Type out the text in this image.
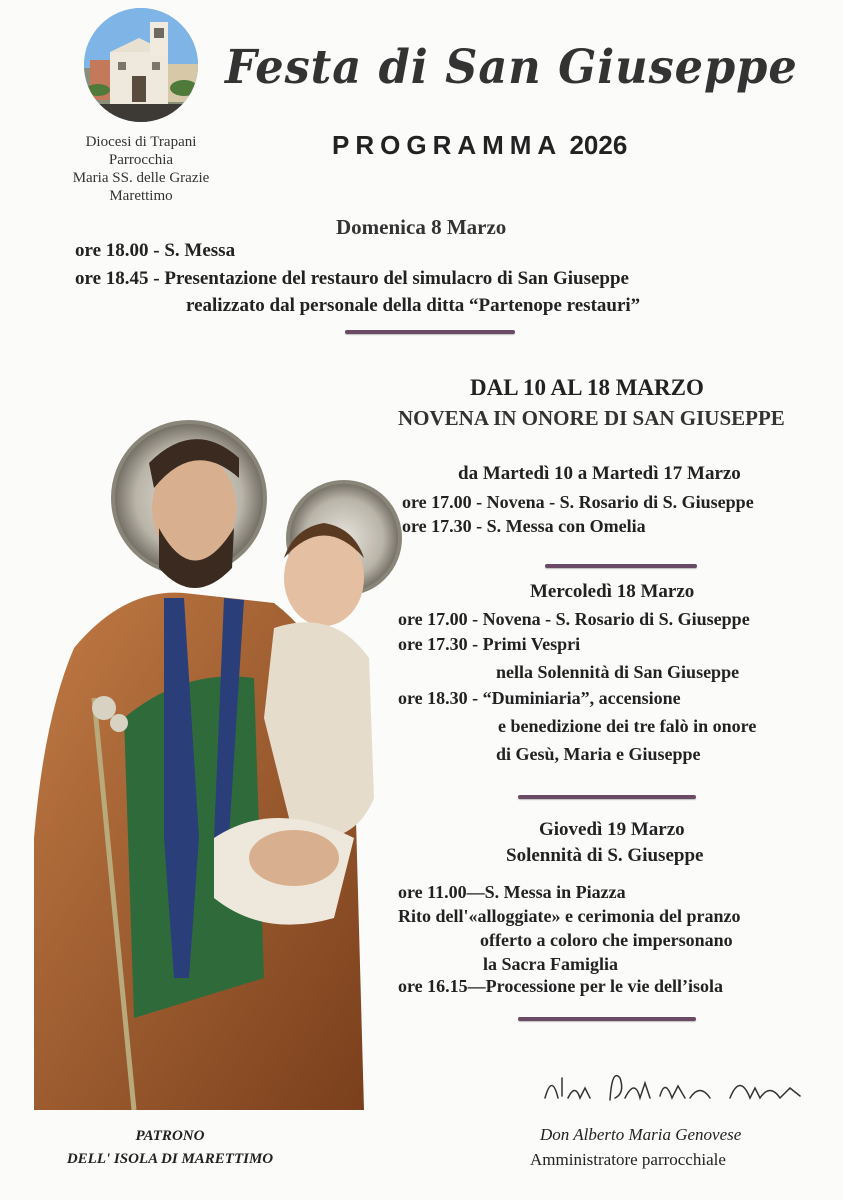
Diocesi di Trapani
Parrocchia
Maria SS. delle Grazie
Marettimo
Festa di San Giuseppe
PROGRAMMA 2026
Domenica 8 Marzo
ore 18.00 - S. Messa
ore 18.45 - Presentazione del restauro del simulacro di San Giuseppe
realizzato dal personale della ditta “Partenope restauri”
DAL 10 AL 18 MARZO
NOVENA IN ONORE DI SAN GIUSEPPE
da Martedì 10 a Martedì 17 Marzo
ore 17.00 - Novena - S. Rosario di S. Giuseppe
ore 17.30 - S. Messa con Omelia
Mercoledì 18 Marzo
ore 17.00 - Novena - S. Rosario di S. Giuseppe
ore 17.30 - Primi Vespri
nella Solennità di San Giuseppe
ore 18.30 - “Duminiaria”, accensione
e benedizione dei tre falò in onore
di Gesù, Maria e Giuseppe
Giovedì 19 Marzo
Solennità di S. Giuseppe
ore 11.00—S. Messa in Piazza
Rito dell'«alloggiate» e cerimonia del pranzo
offerto a coloro che impersonano
la Sacra Famiglia
ore 16.15—Processione per le vie dell’isola
PATRONO
DELL' ISOLA DI MARETTIMO
Don Alberto Maria Genovese
Amministratore parrocchiale
